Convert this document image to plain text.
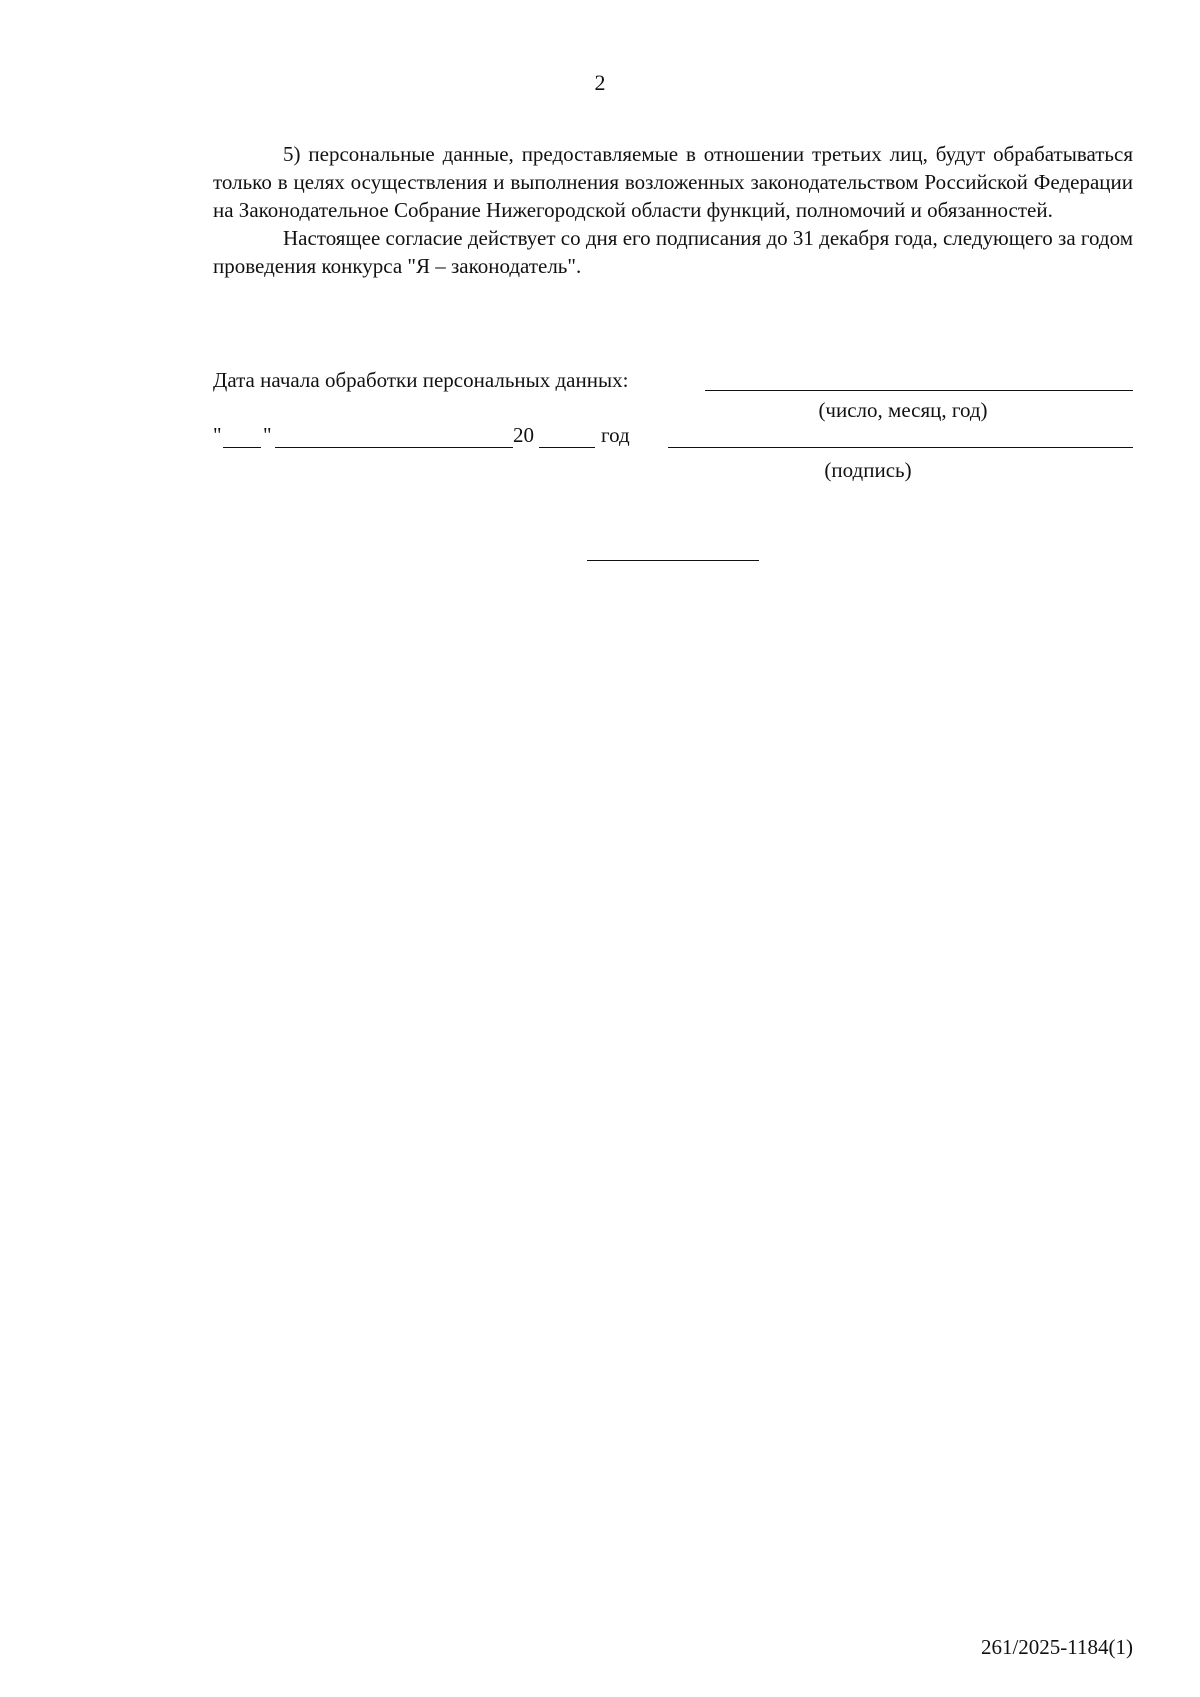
2

5) персональные данные, предоставляемые в отношении третьих лиц, будут обрабатываться только в целях осуществления и выполнения возложенных законодательством Российской Федерации на Законодательное Собрание Нижегородской области функций, полномочий и обязанностей.

Настоящее согласие действует со дня его подписания до 31 декабря года, следующего за годом проведения конкурса "Я – законодатель".

Дата начала обработки персональных данных:
(число, месяц, год)
" "	20	год
(подпись)
261/2025-1184(1)
